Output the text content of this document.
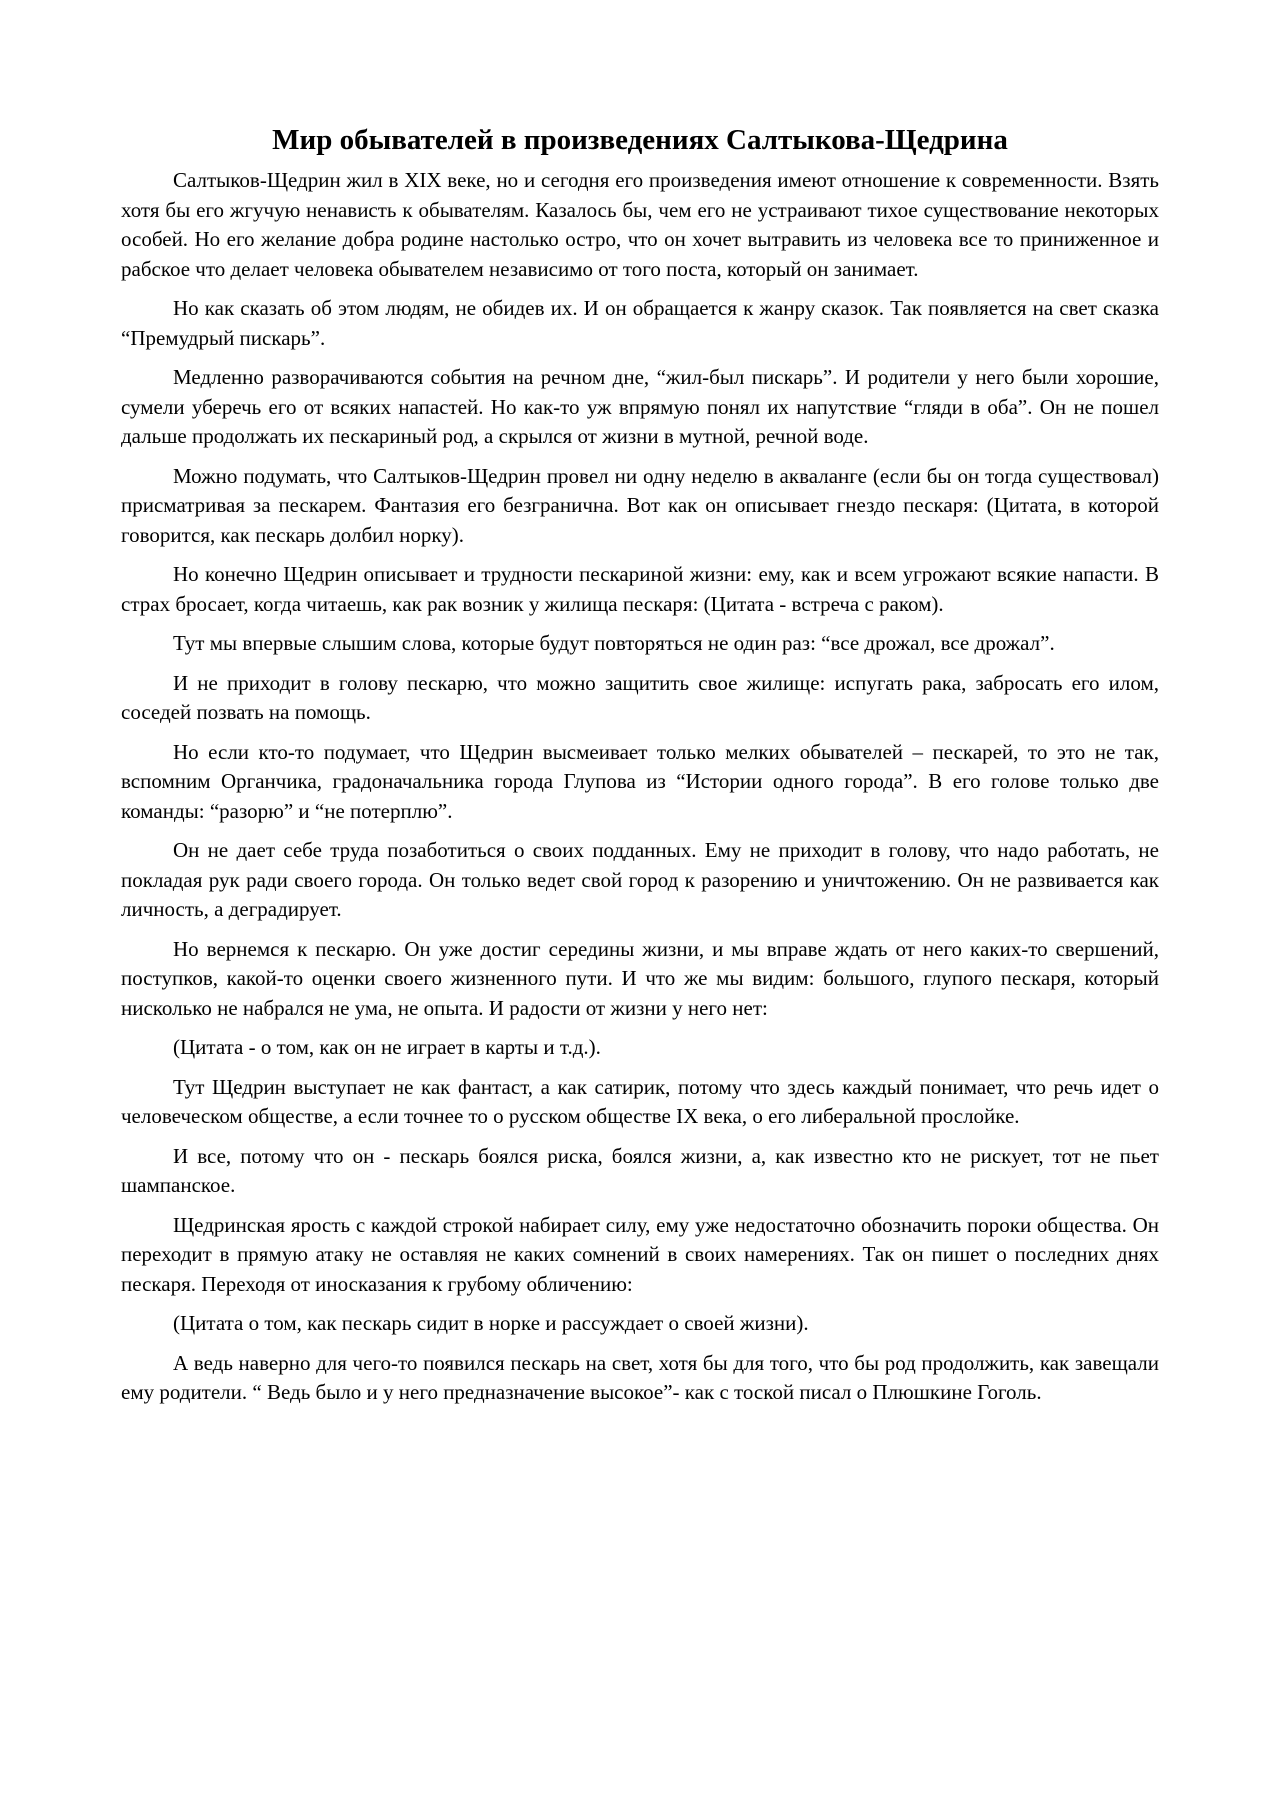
Мир обывателей в произведениях Салтыкова-Щедрина

Салтыков-Щедрин жил в XIX веке, но и сегодня его произведения имеют отношение к современности. Взять хотя бы его жгучую ненависть к обывателям. Казалось бы, чем его не устраивают тихое существование некоторых особей. Но его желание добра родине настолько остро, что он хочет вытравить из человека все то приниженное и рабское что делает человека обывателем независимо от того поста, который он занимает.

Но как сказать об этом людям, не обидев их. И он обращается к жанру сказок. Так появляется на свет сказка “Премудрый пискарь”.

Медленно разворачиваются события на речном дне, “жил-был пискарь”. И родители у него были хорошие, сумели уберечь его от всяких напастей. Но как-то уж впрямую понял их напутствие “гляди в оба”. Он не пошел дальше продолжать их пескариный род, а скрылся от жизни в мутной, речной воде.

Можно подумать, что Салтыков-Щедрин провел ни одну неделю в акваланге (если бы он тогда существовал) присматривая за пескарем. Фантазия его безгранична. Вот как он описывает гнездо пескаря: (Цитата, в которой говорится, как пескарь долбил норку).

Но конечно Щедрин описывает и трудности пескариной жизни: ему, как и всем угрожают всякие напасти. В страх бросает, когда читаешь, как рак возник у жилища пескаря: (Цитата - встреча с раком).

Тут мы впервые слышим слова, которые будут повторяться не один раз: “все дрожал, все дрожал”.

И не приходит в голову пескарю, что можно защитить свое жилище: испугать рака, забросать его илом, соседей позвать на помощь.

Но если кто-то подумает, что Щедрин высмеивает только мелких обывателей – пескарей, то это не так, вспомним Органчика, градоначальника города Глупова из “Истории одного города”. В его голове только две команды: “разорю” и “не потерплю”.

Он не дает себе труда позаботиться о своих подданных. Ему не приходит в голову, что надо работать, не покладая рук ради своего города. Он только ведет свой город к разорению и уничтожению. Он не развивается как личность, а деградирует.

Но вернемся к пескарю. Он уже достиг середины жизни, и мы вправе ждать от него каких-то свершений, поступков, какой-то оценки своего жизненного пути. И что же мы видим: большого, глупого пескаря, который нисколько не набрался не ума, не опыта. И радости от жизни у него нет:

(Цитата - о том, как он не играет в карты и т.д.).

Тут Щедрин выступает не как фантаст, а как сатирик, потому что здесь каждый понимает, что речь идет о человеческом обществе, а если точнее то о русском обществе IX века, о его либеральной прослойке.

И все, потому что он - пескарь боялся риска, боялся жизни, а, как известно кто не рискует, тот не пьет шампанское.

Щедринская ярость с каждой строкой набирает силу, ему уже недостаточно обозначить пороки общества. Он переходит в прямую атаку не оставляя не каких сомнений в своих намерениях. Так он пишет о последних днях пескаря. Переходя от иносказания к грубому обличению:

(Цитата о том, как пескарь сидит в норке и рассуждает о своей жизни).

А ведь наверно для чего-то появился пескарь на свет, хотя бы для того, что бы род продолжить, как завещали ему родители. “ Ведь было и у него предназначение высокое”- как с тоской писал о Плюшкине Гоголь.
